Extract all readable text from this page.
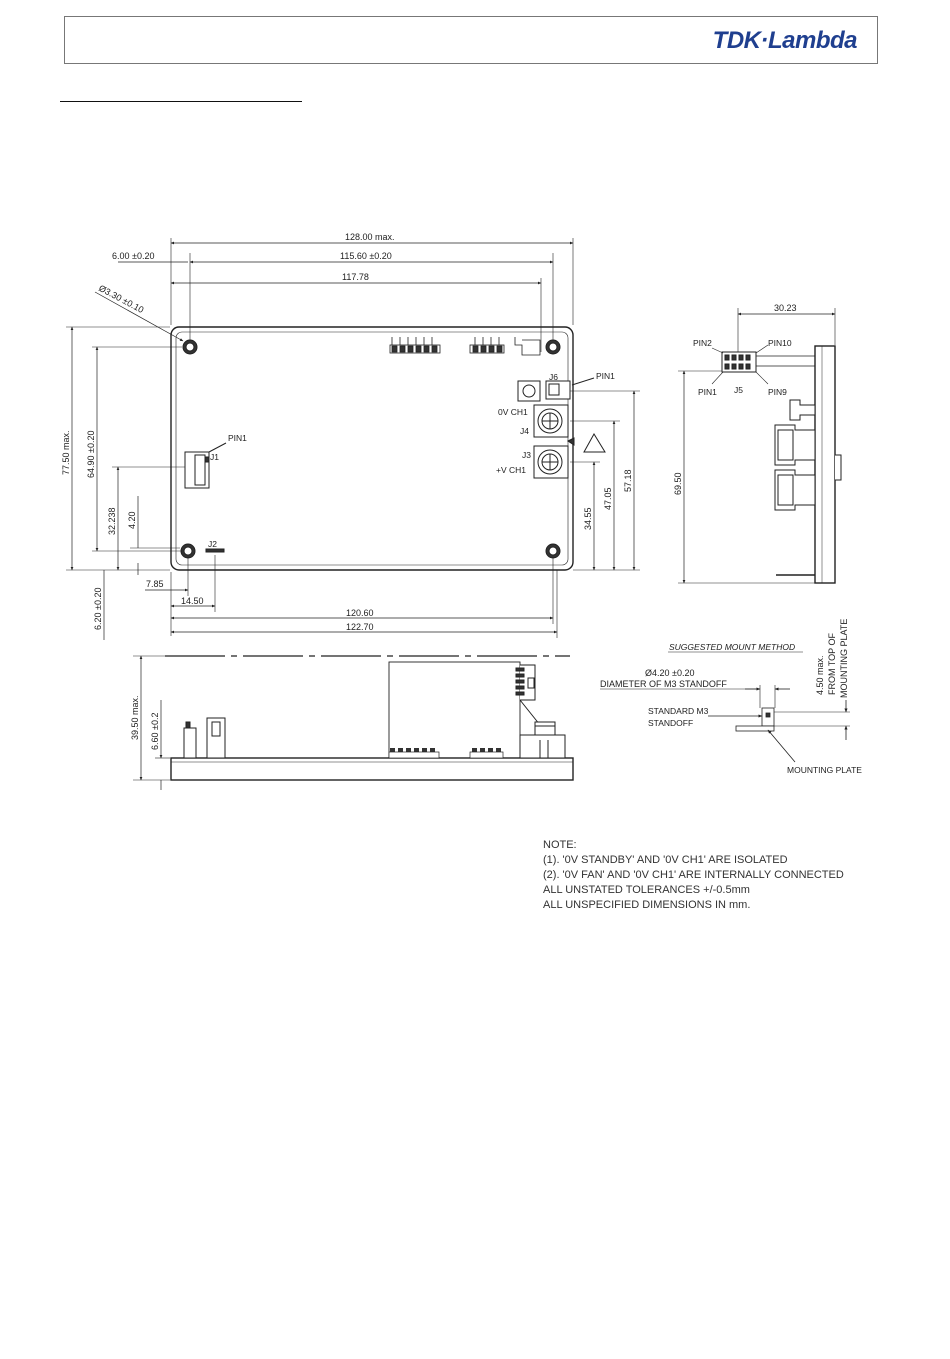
TDK·Lambda
128.00 max.
115.60 ±0.20
117.78
6.00 ±0.20
Ø3.30 ±0.10
77.50 max. 64.90 ±0.20
32.238 4.20
6.20 ±0.20
7.85
14.50
120.60
122.70
34.55
47.05
57.18
J1
PIN1
J2
J6	PIN1
0V CH1
J4
J3
+V CH1
30.23
69.50
PIN2	PIN10
PIN1 J5	PIN9
39.50 max. 6.60 ±0.2
SUGGESTED MOUNT METHOD
Ø4.20 ±0.20
DIAMETER OF M3 STANDOFF
STANDARD M3
STANDOFF
MOUNTING PLATE
4.50 max. FROM TOP OF MOUNTING PLATE
NOTE:
(1). '0V STANDBY' AND '0V CH1' ARE ISOLATED
(2). '0V FAN' AND '0V CH1' ARE INTERNALLY CONNECTED
ALL UNSTATED TOLERANCES +/-0.5mm
ALL UNSPECIFIED DIMENSIONS IN mm.
